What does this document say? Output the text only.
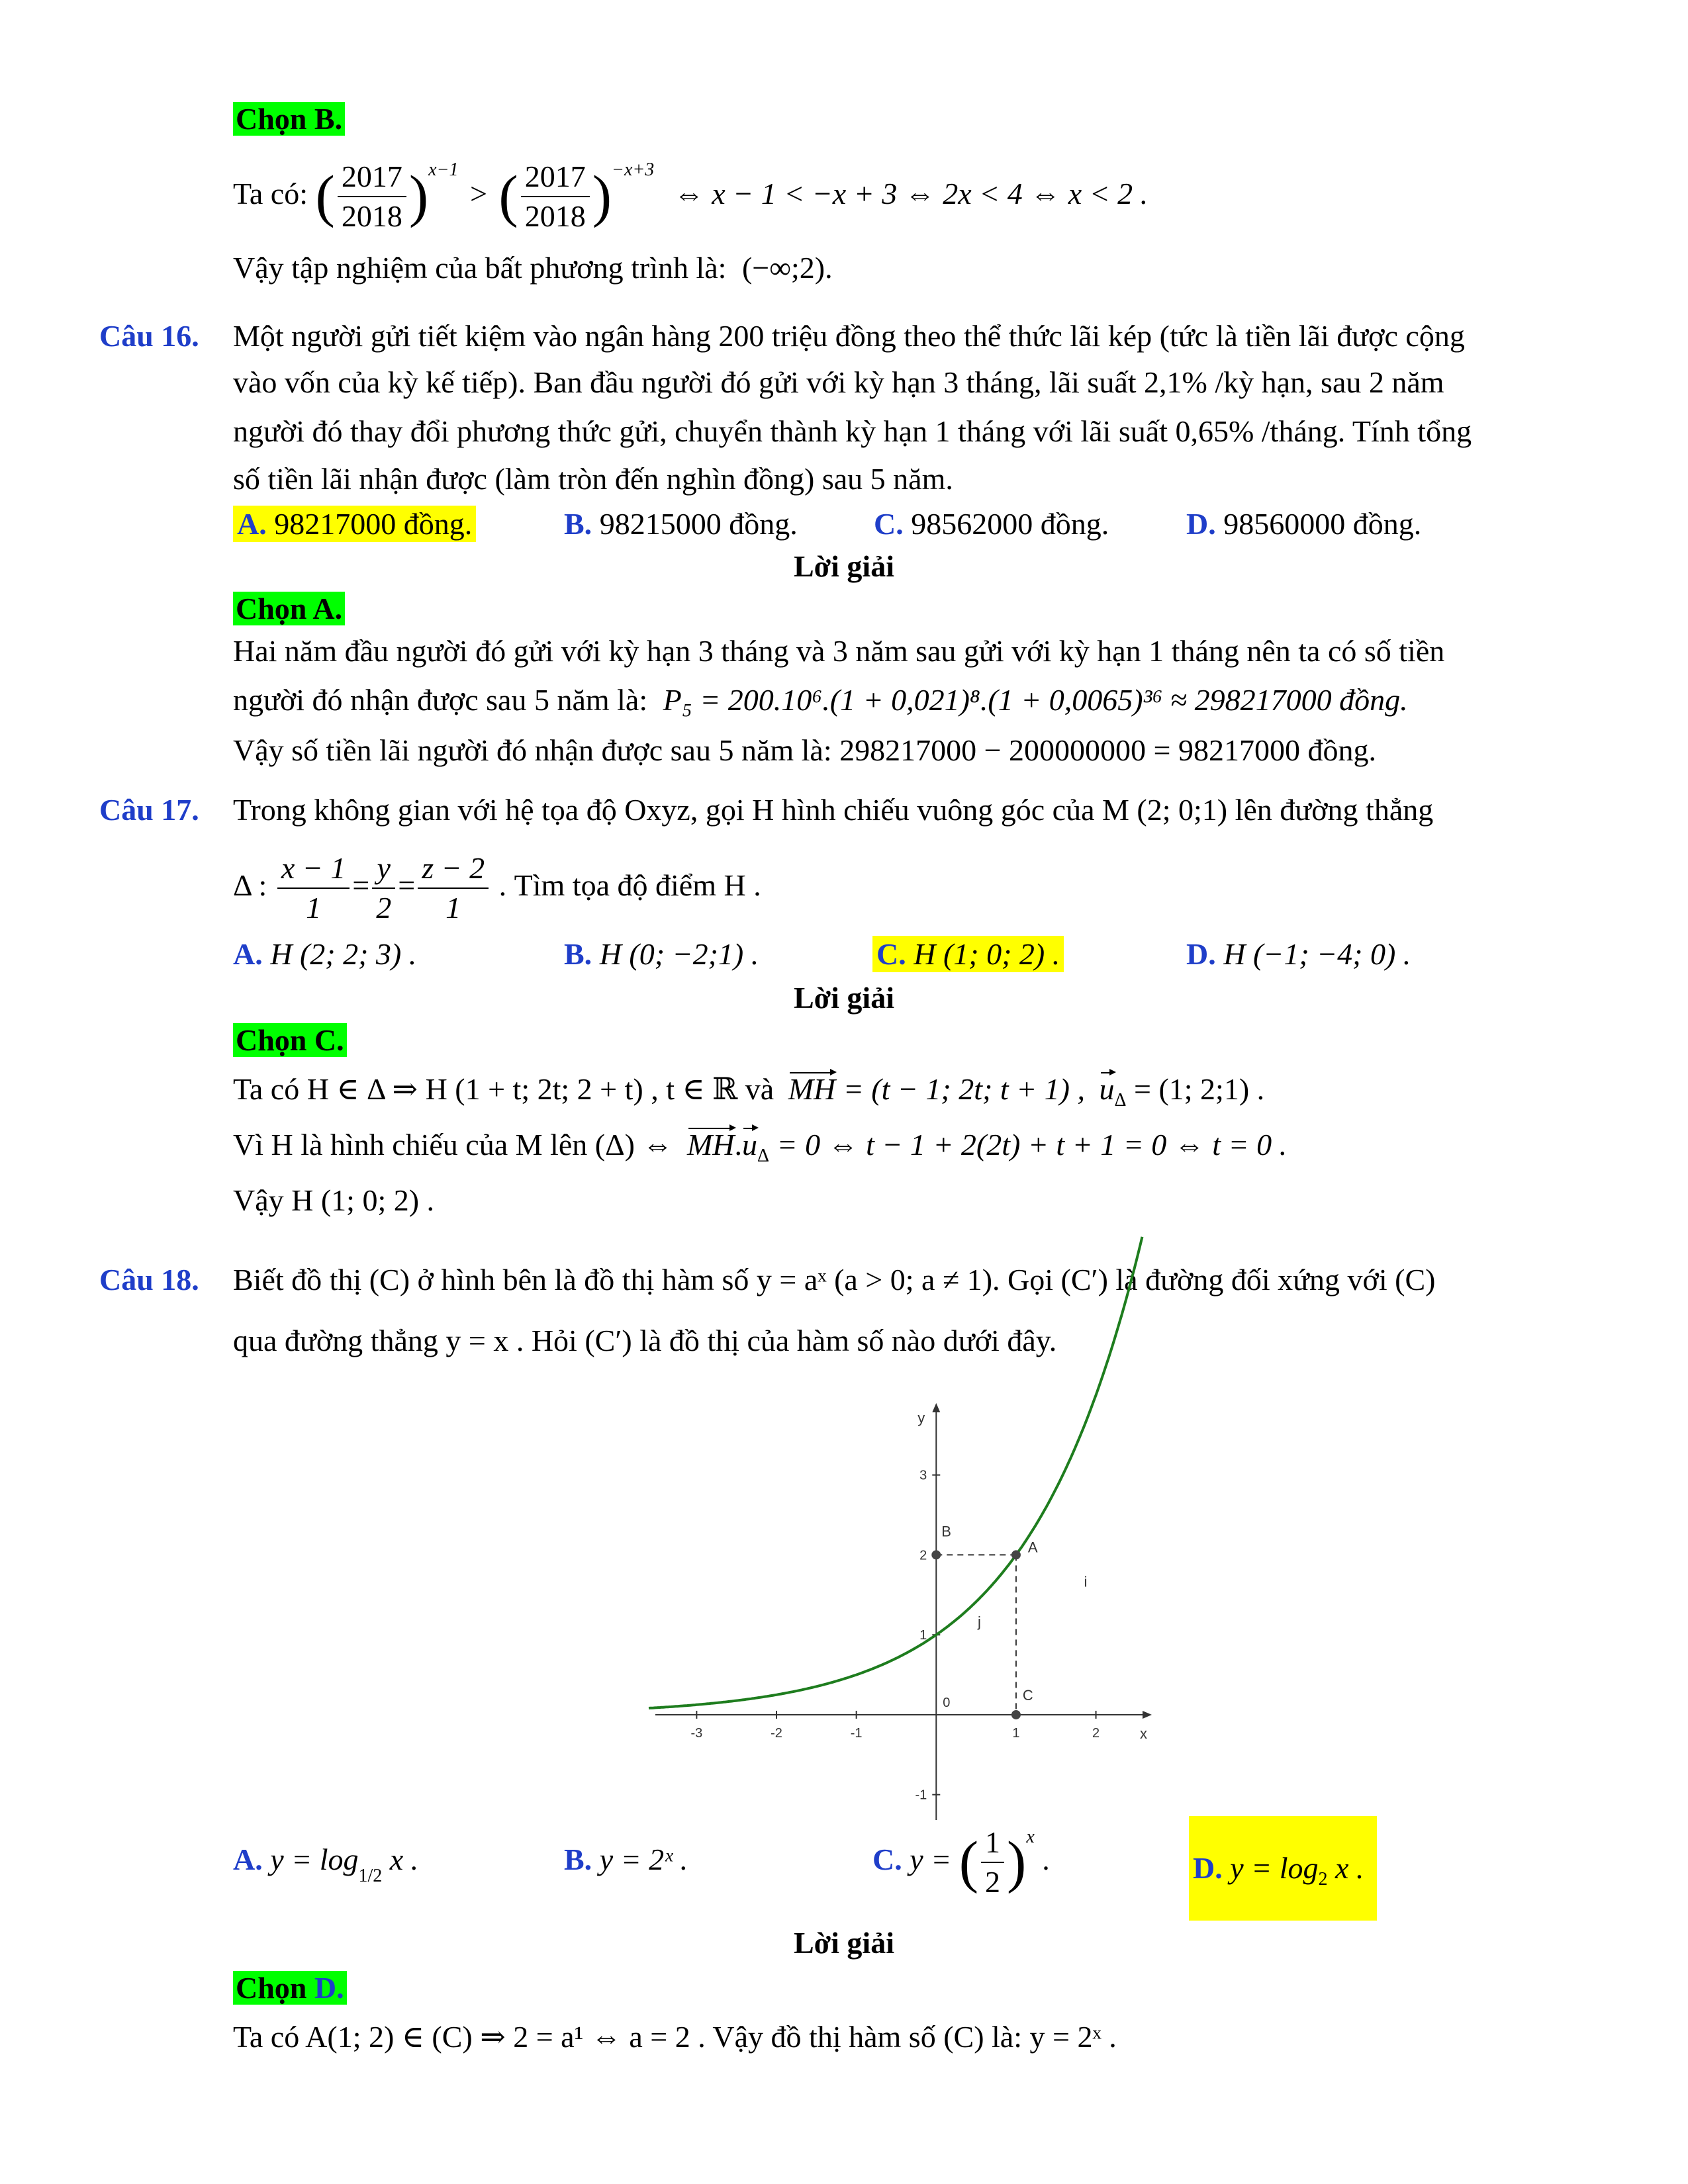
Chọn B.
Ta có: ( $\frac{2017}{2018} )^{x-1}$ > ( $\frac{2017}{2018} )^{-x+3}$ ⇔ x − 1 < −x + 3 ⇔ 2x < 4 ⇔ x < 2 .
Vậy tập nghiệm của bất phương trình là: (−∞;2).
Câu 16. Một người gửi tiết kiệm vào ngân hàng 200 triệu đồng theo thể thức lãi kép (tức là tiền lãi được cộng
vào vốn của kỳ kế tiếp). Ban đầu người đó gửi với kỳ hạn 3 tháng, lãi suất 2,1% /kỳ hạn, sau 2 năm
người đó thay đổi phương thức gửi, chuyển thành kỳ hạn 1 tháng với lãi suất 0,65% /tháng. Tính tổng
số tiền lãi nhận được (làm tròn đến nghìn đồng) sau 5 năm.
A. 98217000 đồng.	B. 98215000 đồng.	C. 98562000 đồng.	D. 98560000 đồng.
Lời giải
Chọn A.
Hai năm đầu người đó gửi với kỳ hạn 3 tháng và 3 năm sau gửi với kỳ hạn 1 tháng nên ta có số tiền
người đó nhận được sau 5 năm là: P₅ = 200.10⁶.(1 + 0,021)⁸.(1 + 0,0065)³⁶ ≈ 298217000 đồng.
Vậy số tiền lãi người đó nhận được sau 5 năm là: 298217000 − 200000000 = 98217000 đồng.
Câu 17. Trong không gian với hệ tọa độ Oxyz, gọi H hình chiếu vuông góc của M (2; 0;1) lên đường thẳng
Δ : $\frac{x - 1}{1} = \frac{y}{2} = \frac{z - 2}{1}$ . Tìm tọa độ điểm H .
A. H (2; 2; 3) .	B. H (0; −2;1) .	C. H (1; 0; 2) .	D. H (−1; −4; 0) .
Lời giải
Chọn C.
Ta có H ∈ Δ ⇒ H (1 + t; 2t; 2 + t) , t ∈ ℝ và MH = (t − 1; 2t; t + 1) , $u_\Delta = (1$; 2;1) .
Vì H là hình chiếu của M lên (Δ) ⇔ $MH.u_\Delta = 0$ ⇔ t − 1 + 2(2t) + t + 1 = 0 ⇔ t = 0 .
Vậy H (1; 0; 2) .
Câu 18. Biết đồ thị (C) ở hình bên là đồ thị hàm số y = aˣ (a > 0; a ≠ 1). Gọi (C′) là đường đối xứng với (C)
qua đường thẳng y = x . Hỏi (C′) là đồ thị của hàm số nào dưới đây.
-3	-2	-1	1	2
-1
1
2
3
x
y
0
A
B
C
i
j
A. $y = \log_{1/2} x$ .	B. y = 2ˣ .	C. y = ( $\frac{1}{2} )^x$ .	D. $y = \log_2 x$ .
Lời giải
Chọn D.
Ta có A(1; 2) ∈ (C) ⇒ 2 = a¹ ⇔ a = 2 . Vậy đồ thị hàm số (C) là: y = 2ˣ .
